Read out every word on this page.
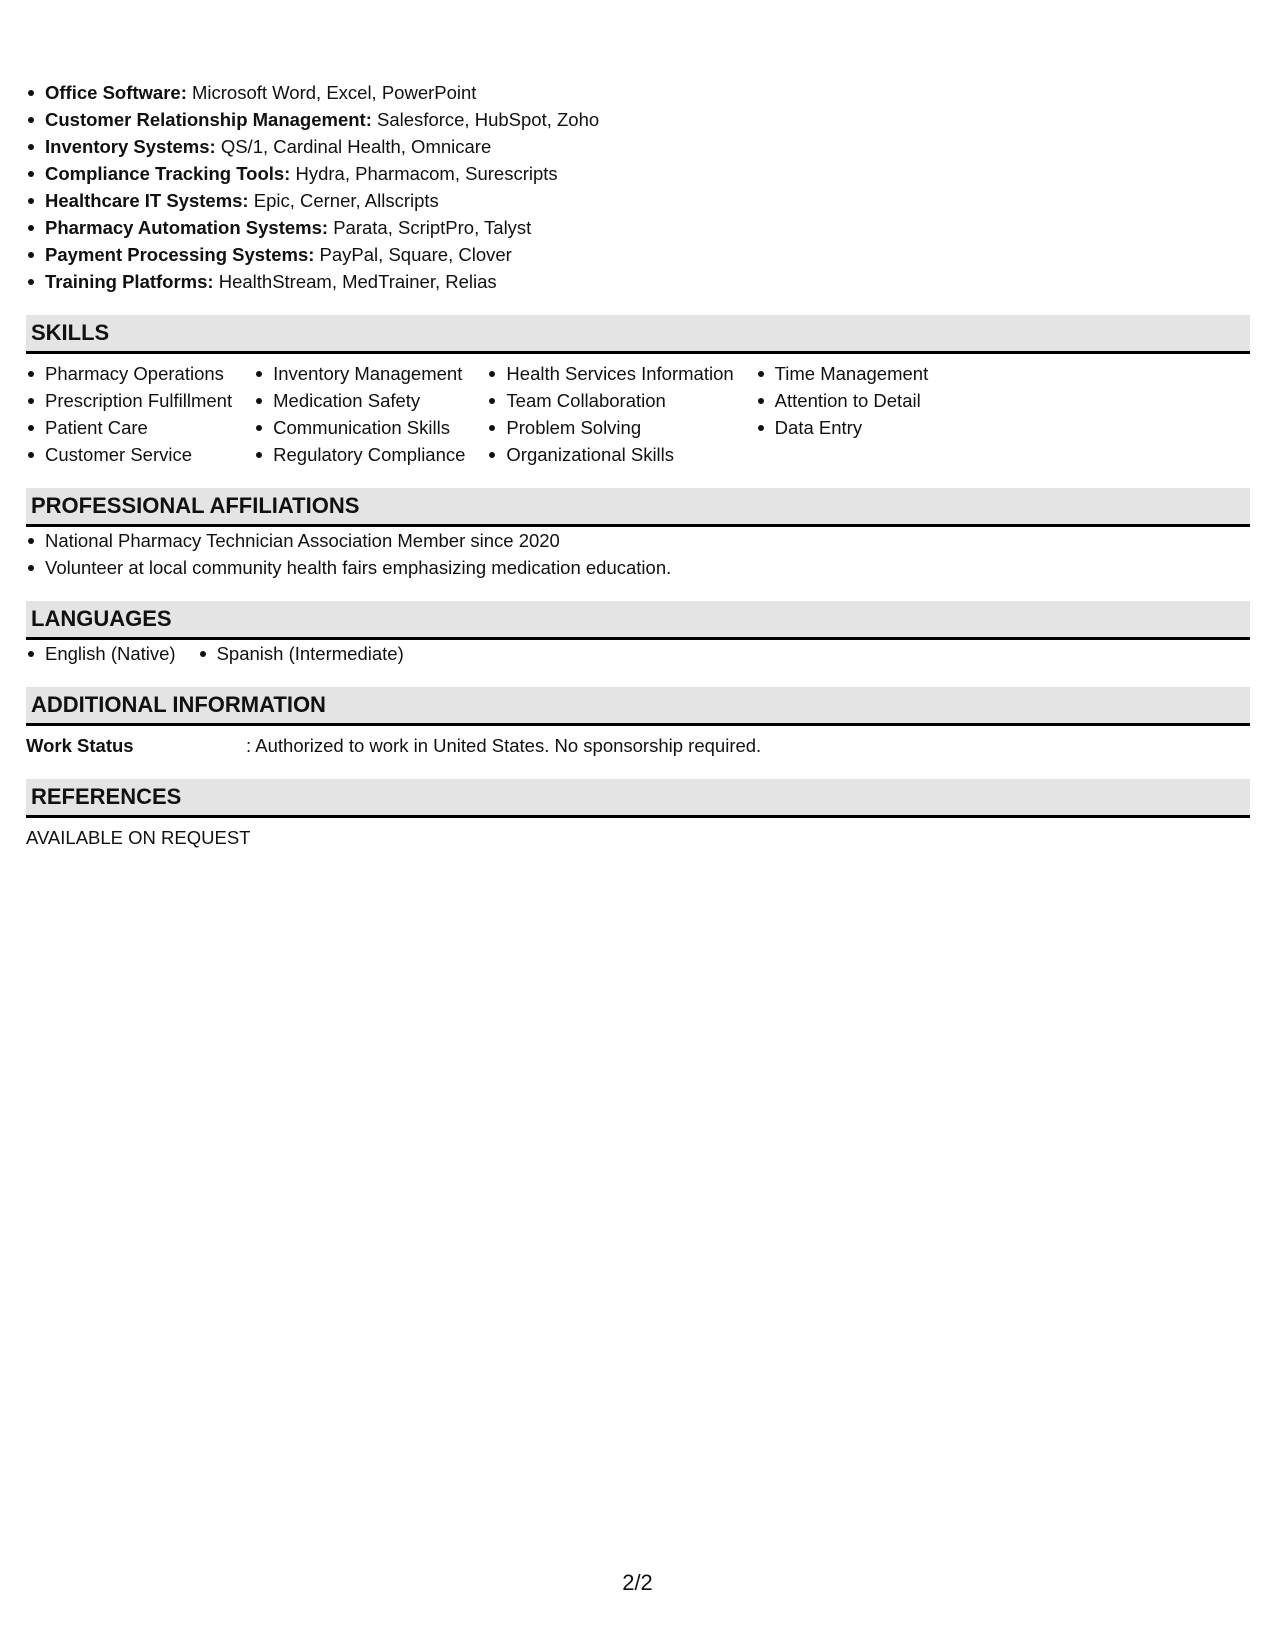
Office Software: Microsoft Word, Excel, PowerPoint
Customer Relationship Management: Salesforce, HubSpot, Zoho
Inventory Systems: QS/1, Cardinal Health, Omnicare
Compliance Tracking Tools: Hydra, Pharmacom, Surescripts
Healthcare IT Systems: Epic, Cerner, Allscripts
Pharmacy Automation Systems: Parata, ScriptPro, Talyst
Payment Processing Systems: PayPal, Square, Clover
Training Platforms: HealthStream, MedTrainer, Relias
SKILLS
Pharmacy Operations
Prescription Fulfillment
Patient Care
Customer Service
Inventory Management
Medication Safety
Communication Skills
Regulatory Compliance
Health Services Information
Team Collaboration
Problem Solving
Organizational Skills
Time Management
Attention to Detail
Data Entry
PROFESSIONAL AFFILIATIONS
National Pharmacy Technician Association Member since 2020
Volunteer at local community health fairs emphasizing medication education.
LANGUAGES
English (Native)	Spanish (Intermediate)
ADDITIONAL INFORMATION
Work Status	: Authorized to work in United States. No sponsorship required.
REFERENCES
AVAILABLE ON REQUEST
2/2
